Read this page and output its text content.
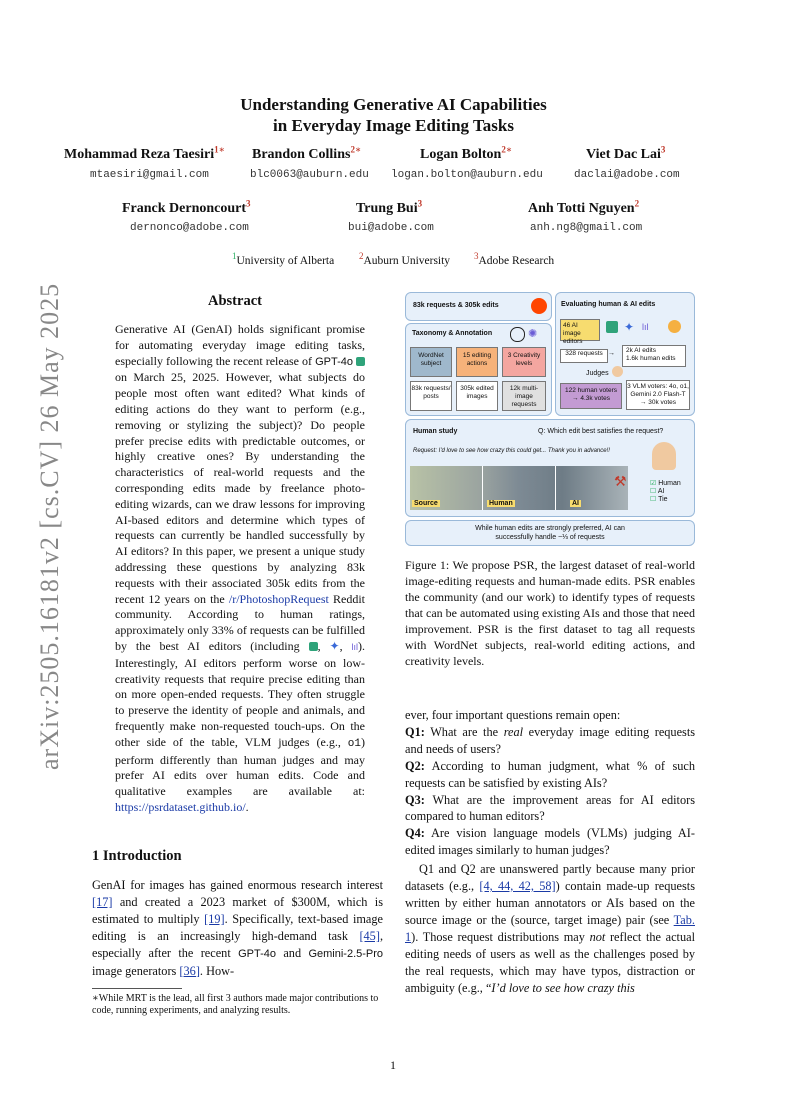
arXiv:2505.16181v2 [cs.CV] 26 May 2025
Understanding Generative AI Capabilities
in Everyday Image Editing Tasks
Mohammad Reza Taesiri$^{1∗}$ Brandon Collins$^{2∗}$	Logan Bolton$^{2∗}$	Viet Dac Lai$^3$
mtaesiri@gmail.com	blc0063@auburn.edu logan.bolton@auburn.edu	daclai@adobe.com
Franck Dernoncourt$^3$	Trung Bui$^3$	Anh Totti Nguyen$^2$
dernonco@adobe.com	bui@adobe.com	anh.ng8@gmail.com
$^1$University of Alberta	$^2$Auburn University	$^3$Adobe Research
Abstract
Generative AI (GenAI) holds significant promise for automating everyday image editing tasks, especially following the recent release of GPT-4o  on March 25, 2025. However, what subjects do people most often want edited? What kinds of editing actions do they want to perform (e.g., removing or stylizing the subject)? Do people prefer precise edits with predictable outcomes, or highly creative ones? By understanding the characteristics of real-world requests and the corresponding edits made by freelance photo-editing wizards, can we draw lessons for improving AI-based editors and determine which types of requests can currently be handled successfully by AI editors? In this paper, we present a unique study addressing these questions by analyzing 83k requests with their associated 305k edits from the recent 12 years on the /r/PhotoshopRequest Reddit community. According to human ratings, approximately only 33% of requests can be fulfilled by the best AI editors (including , ✦, lıl). Interestingly, AI editors perform worse on low-creativity requests that require precise editing than on more open-ended requests. They often struggle to preserve the identity of people and animals, and frequently make non-requested touch-ups. On the other side of the table, VLM judges (e.g., o1) perform differently than human judges and may prefer AI edits over human edits. Code and qualitative examples are available at: https://psrdataset.github.io/.
1 Introduction
GenAI for images has gained enormous research interest [17] and created a 2023 market of $300M, which is estimated to multiply [19]. Specifically, text-based image editing is an increasingly high-demand task [45], especially after the recent GPT-4o and Gemini-2.5-Pro image generators [36]. How-
∗While MRT is the lead, all first 3 authors made major contributions to code, running experiments, and analyzing results.
1
83k requests & 305k edits
Taxonomy & Annotation	✺
WordNet subject
15 editing actions
3 Creativity levels
83k requests/ posts
305k edited images
12k multi-image requests
Evaluating human & AI edits
46 AI image editors
✦ lıl
328 requests → 2k AI edits
1.6k human edits
Judges
122 human voters → 4.3k votes
3 VLM voters: 4o, o1, Gemini 2.0 Flash-T → 30k votes
Human study	Q: Which edit best satisfies the request?
Request: I'd love to see how crazy this could get... Thank you in advance!!
Source	Human	AI
⚒	☑ Human
☐ AI
☐ Tie
While human edits are strongly preferred, AI can successfully handle ~⅓ of requests
Figure 1: We propose PSR, the largest dataset of real-world image-editing requests and human-made edits. PSR enables the community (and our work) to identify types of requests that can be automated using existing AIs and those that need improvement. PSR is the first dataset to tag all requests with WordNet subjects, real-world editing actions, and creativity levels.
ever, four important questions remain open:
Q1: What are the real everyday image editing requests and needs of users?
Q2: According to human judgment, what % of such requests can be satisfied by existing AIs?
Q3: What are the improvement areas for AI editors compared to human editors?
Q4: Are vision language models (VLMs) judging AI-edited images similarly to human judges?
Q1 and Q2 are unanswered partly because many prior datasets (e.g., [4, 44, 42, 58]) contain made-up requests written by either human annotators or AIs based on the source image or the (source, target image) pair (see Tab. 1). Those request distributions may not reflect the actual editing needs of users as well as the challenges posed by the real requests, which may have typos, distraction or ambiguity (e.g., “I’d love to see how crazy this
